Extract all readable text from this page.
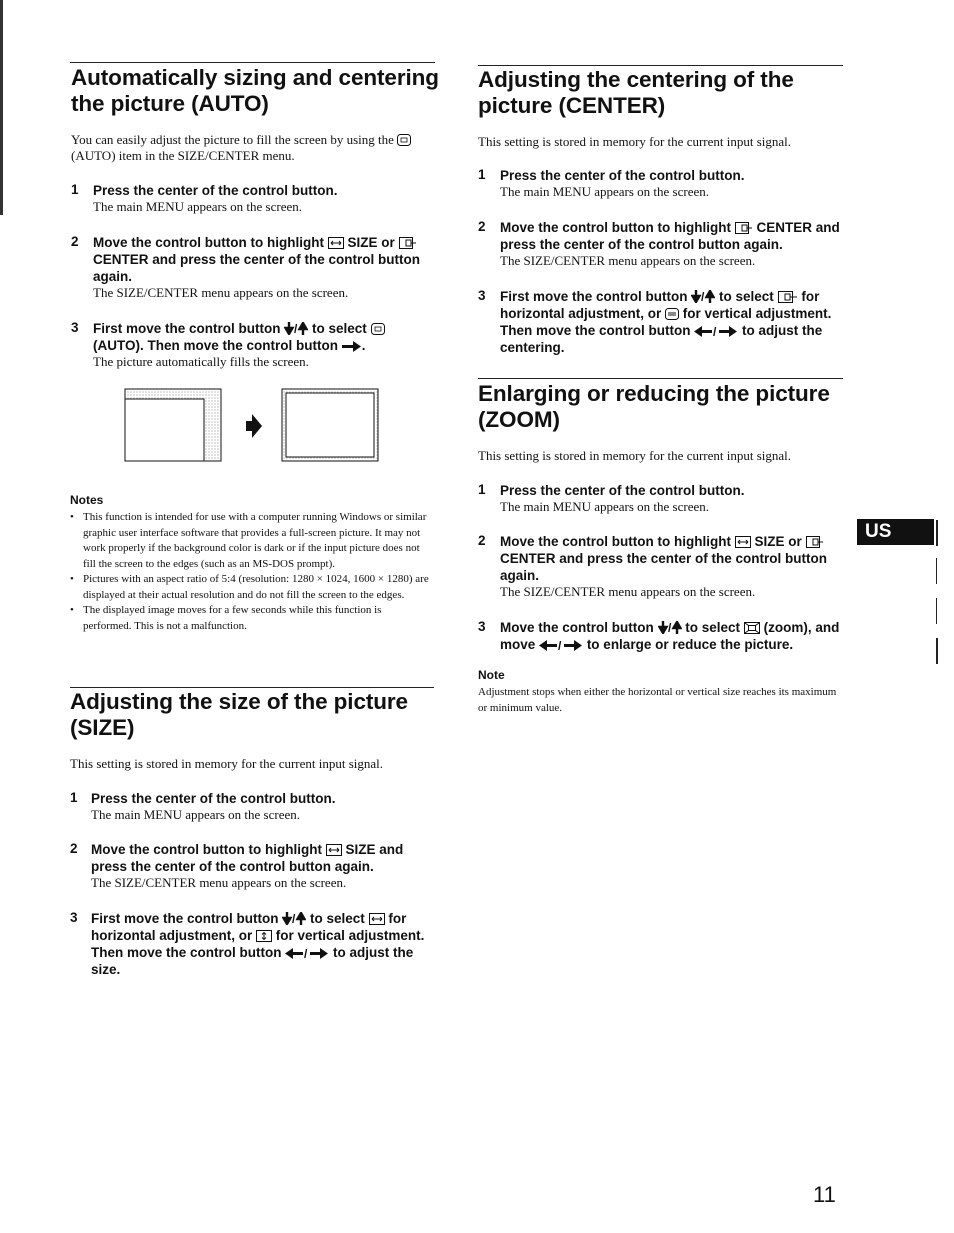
Automatically sizing and centering the picture (AUTO)
You can easily adjust the picture to fill the screen by using the
(AUTO) item in the SIZE/CENTER menu.
1 Press the center of the control button.
The main MENU appears on the screen.
2 Move the control button to highlight SIZE or
CENTER and press the center of the control button again.
The SIZE/CENTER menu appears on the screen.
3 First move the control button / to select
(AUTO). Then move the control button .
The picture automatically fills the screen.
Notes
• This function is intended for use with a computer running Windows or similar graphic user interface software that provides a full-screen picture. It may not work properly if the background color is dark or if the input picture does not fill the screen to the edges (such as an MS-DOS prompt).
• Pictures with an aspect ratio of 5:4 (resolution: 1280 × 1024, 1600 × 1280) are displayed at their actual resolution and do not fill the screen to the edges.
• The displayed image moves for a few seconds while this function is performed. This is not a malfunction.
Adjusting the size of the picture (SIZE)
This setting is stored in memory for the current input signal.
1 Press the center of the control button.
The main MENU appears on the screen.
2 Move the control button to highlight SIZE and press the center of the control button again.
The SIZE/CENTER menu appears on the screen.
3 First move the control button / to select for horizontal adjustment, or for vertical adjustment. Then move the control button / to adjust the size.
Adjusting the centering of the picture (CENTER)
This setting is stored in memory for the current input signal.
1 Press the center of the control button.
The main MENU appears on the screen.
2 Move the control button to highlight CENTER and press the center of the control button again.
The SIZE/CENTER menu appears on the screen.
3 First move the control button / to select for horizontal adjustment, or for vertical adjustment. Then move the control button / to adjust the centering.
Enlarging or reducing the picture (ZOOM)
This setting is stored in memory for the current input signal.
1 Press the center of the control button.
The main MENU appears on the screen.
2 Move the control button to highlight SIZE or
CENTER and press the center of the control button again.
The SIZE/CENTER menu appears on the screen.
3 Move the control button / to select (zoom), and move / to enlarge or reduce the picture.
Note
Adjustment stops when either the horizontal or vertical size reaches its maximum or minimum value.
US
11
